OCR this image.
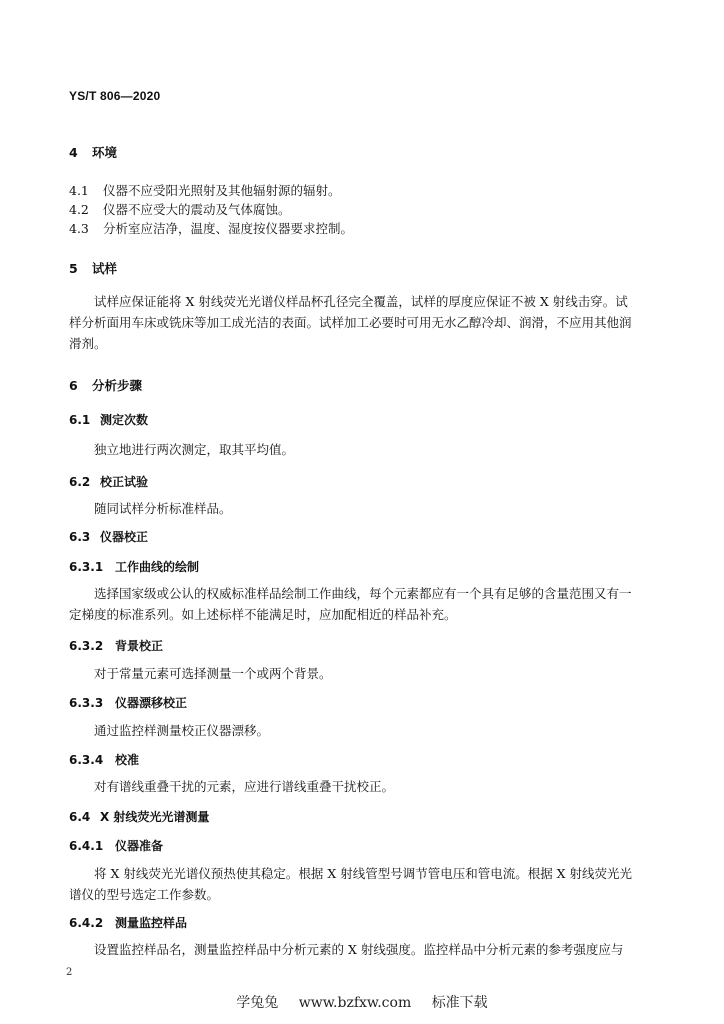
YS/T 806—2020
4 环境
4.1 仪器不应受阳光照射及其他辐射源的辐射。
4.2 仪器不应受大的震动及气体腐蚀。
4.3 分析室应洁净，温度、湿度按仪器要求控制。
5 试样
试样应保证能将 X 射线荧光光谱仪样品杯孔径完全覆盖，试样的厚度应保证不被 X 射线击穿。试
样分析面用车床或铣床等加工成光洁的表面。试样加工必要时可用无水乙醇冷却、润滑，不应用其他润
滑剂。
6 分析步骤
6.1 测定次数
独立地进行两次测定，取其平均值。
6.2 校正试验
随同试样分析标准样品。
6.3 仪器校正
6.3.1 工作曲线的绘制
选择国家级或公认的权威标准样品绘制工作曲线，每个元素都应有一个具有足够的含量范围又有一
定梯度的标准系列。如上述标样不能满足时，应加配相近的样品补充。
6.3.2 背景校正
对于常量元素可选择测量一个或两个背景。
6.3.3 仪器漂移校正
通过监控样测量校正仪器漂移。
6.3.4 校准
对有谱线重叠干扰的元素，应进行谱线重叠干扰校正。
6.4 X 射线荧光光谱测量
6.4.1 仪器准备
将 X 射线荧光光谱仪预热使其稳定。根据 X 射线管型号调节管电压和管电流。根据 X 射线荧光光
谱仪的型号选定工作参数。
6.4.2 测量监控样品
设置监控样品名，测量监控样品中分析元素的 X 射线强度。监控样品中分析元素的参考强度应与
2
学兔兔 www.bzfxw.com 标准下载
